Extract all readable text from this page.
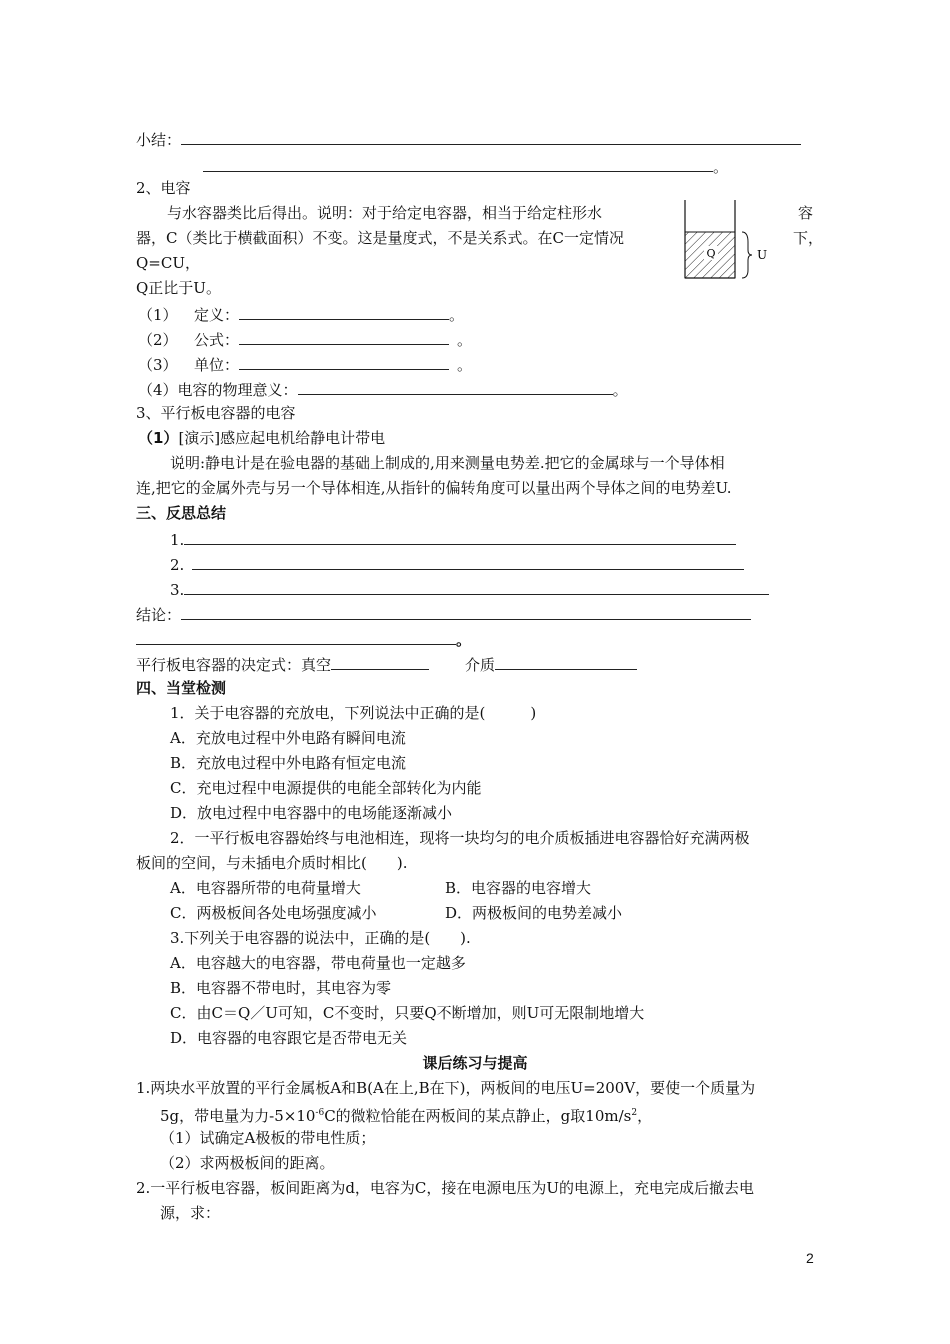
小结：
。
2、电容
与水容器类比后得出。说明：对于给定电容器，相当于给定柱形水	容
器，C（类比于横截面积）不变。这是量度式，不是关系式。在C一定情况	下，
Q=CU，
Q正比于U。
Q	U
（1） 定义：	。
（2） 公式：	。
（3） 单位：	。
（4）电容的物理意义：	。
3、平行板电容器的电容
（1）[演示]感应起电机给静电计带电
说明:静电计是在验电器的基础上制成的,用来测量电势差.把它的金属球与一个导体相
连,把它的金属外壳与另一个导体相连,从指针的偏转角度可以量出两个导体之间的电势差U.
三、反思总结
1.
2.
3.
结论：
。
平行板电容器的决定式：真空	介质
四、当堂检测
1．关于电容器的充放电，下列说法中正确的是(　　　)
A．充放电过程中外电路有瞬间电流
B．充放电过程中外电路有恒定电流
C．充电过程中电源提供的电能全部转化为内能
D．放电过程中电容器中的电场能逐渐减小
2．一平行板电容器始终与电池相连，现将一块均匀的电介质板插进电容器恰好充满两极
板间的空间，与未插电介质时相比(　　).
A．电容器所带的电荷量增大	B．电容器的电容增大
C．两极板间各处电场强度减小	D．两极板间的电势差减小
3.下列关于电容器的说法中，正确的是(　　).
A．电容越大的电容器，带电荷量也一定越多
B．电容器不带电时，其电容为零
C．由C＝Q／U可知，C不变时，只要Q不断增加，则U可无限制地增大
D．电容器的电容跟它是否带电无关
课后练习与提高
1.两块水平放置的平行金属板A和B(A在上,B在下)，两板间的电压U=200V，要使一个质量为
5g，带电量为力$-5\times 10^{-6}C$的微粒恰能在两板间的某点静止，g取$10m/s^2$，
（1）试确定A极板的带电性质；
（2）求两极板间的距离。
2.一平行板电容器，板间距离为d，电容为C，接在电源电压为U的电源上，充电完成后撤去电
源，求：
2
